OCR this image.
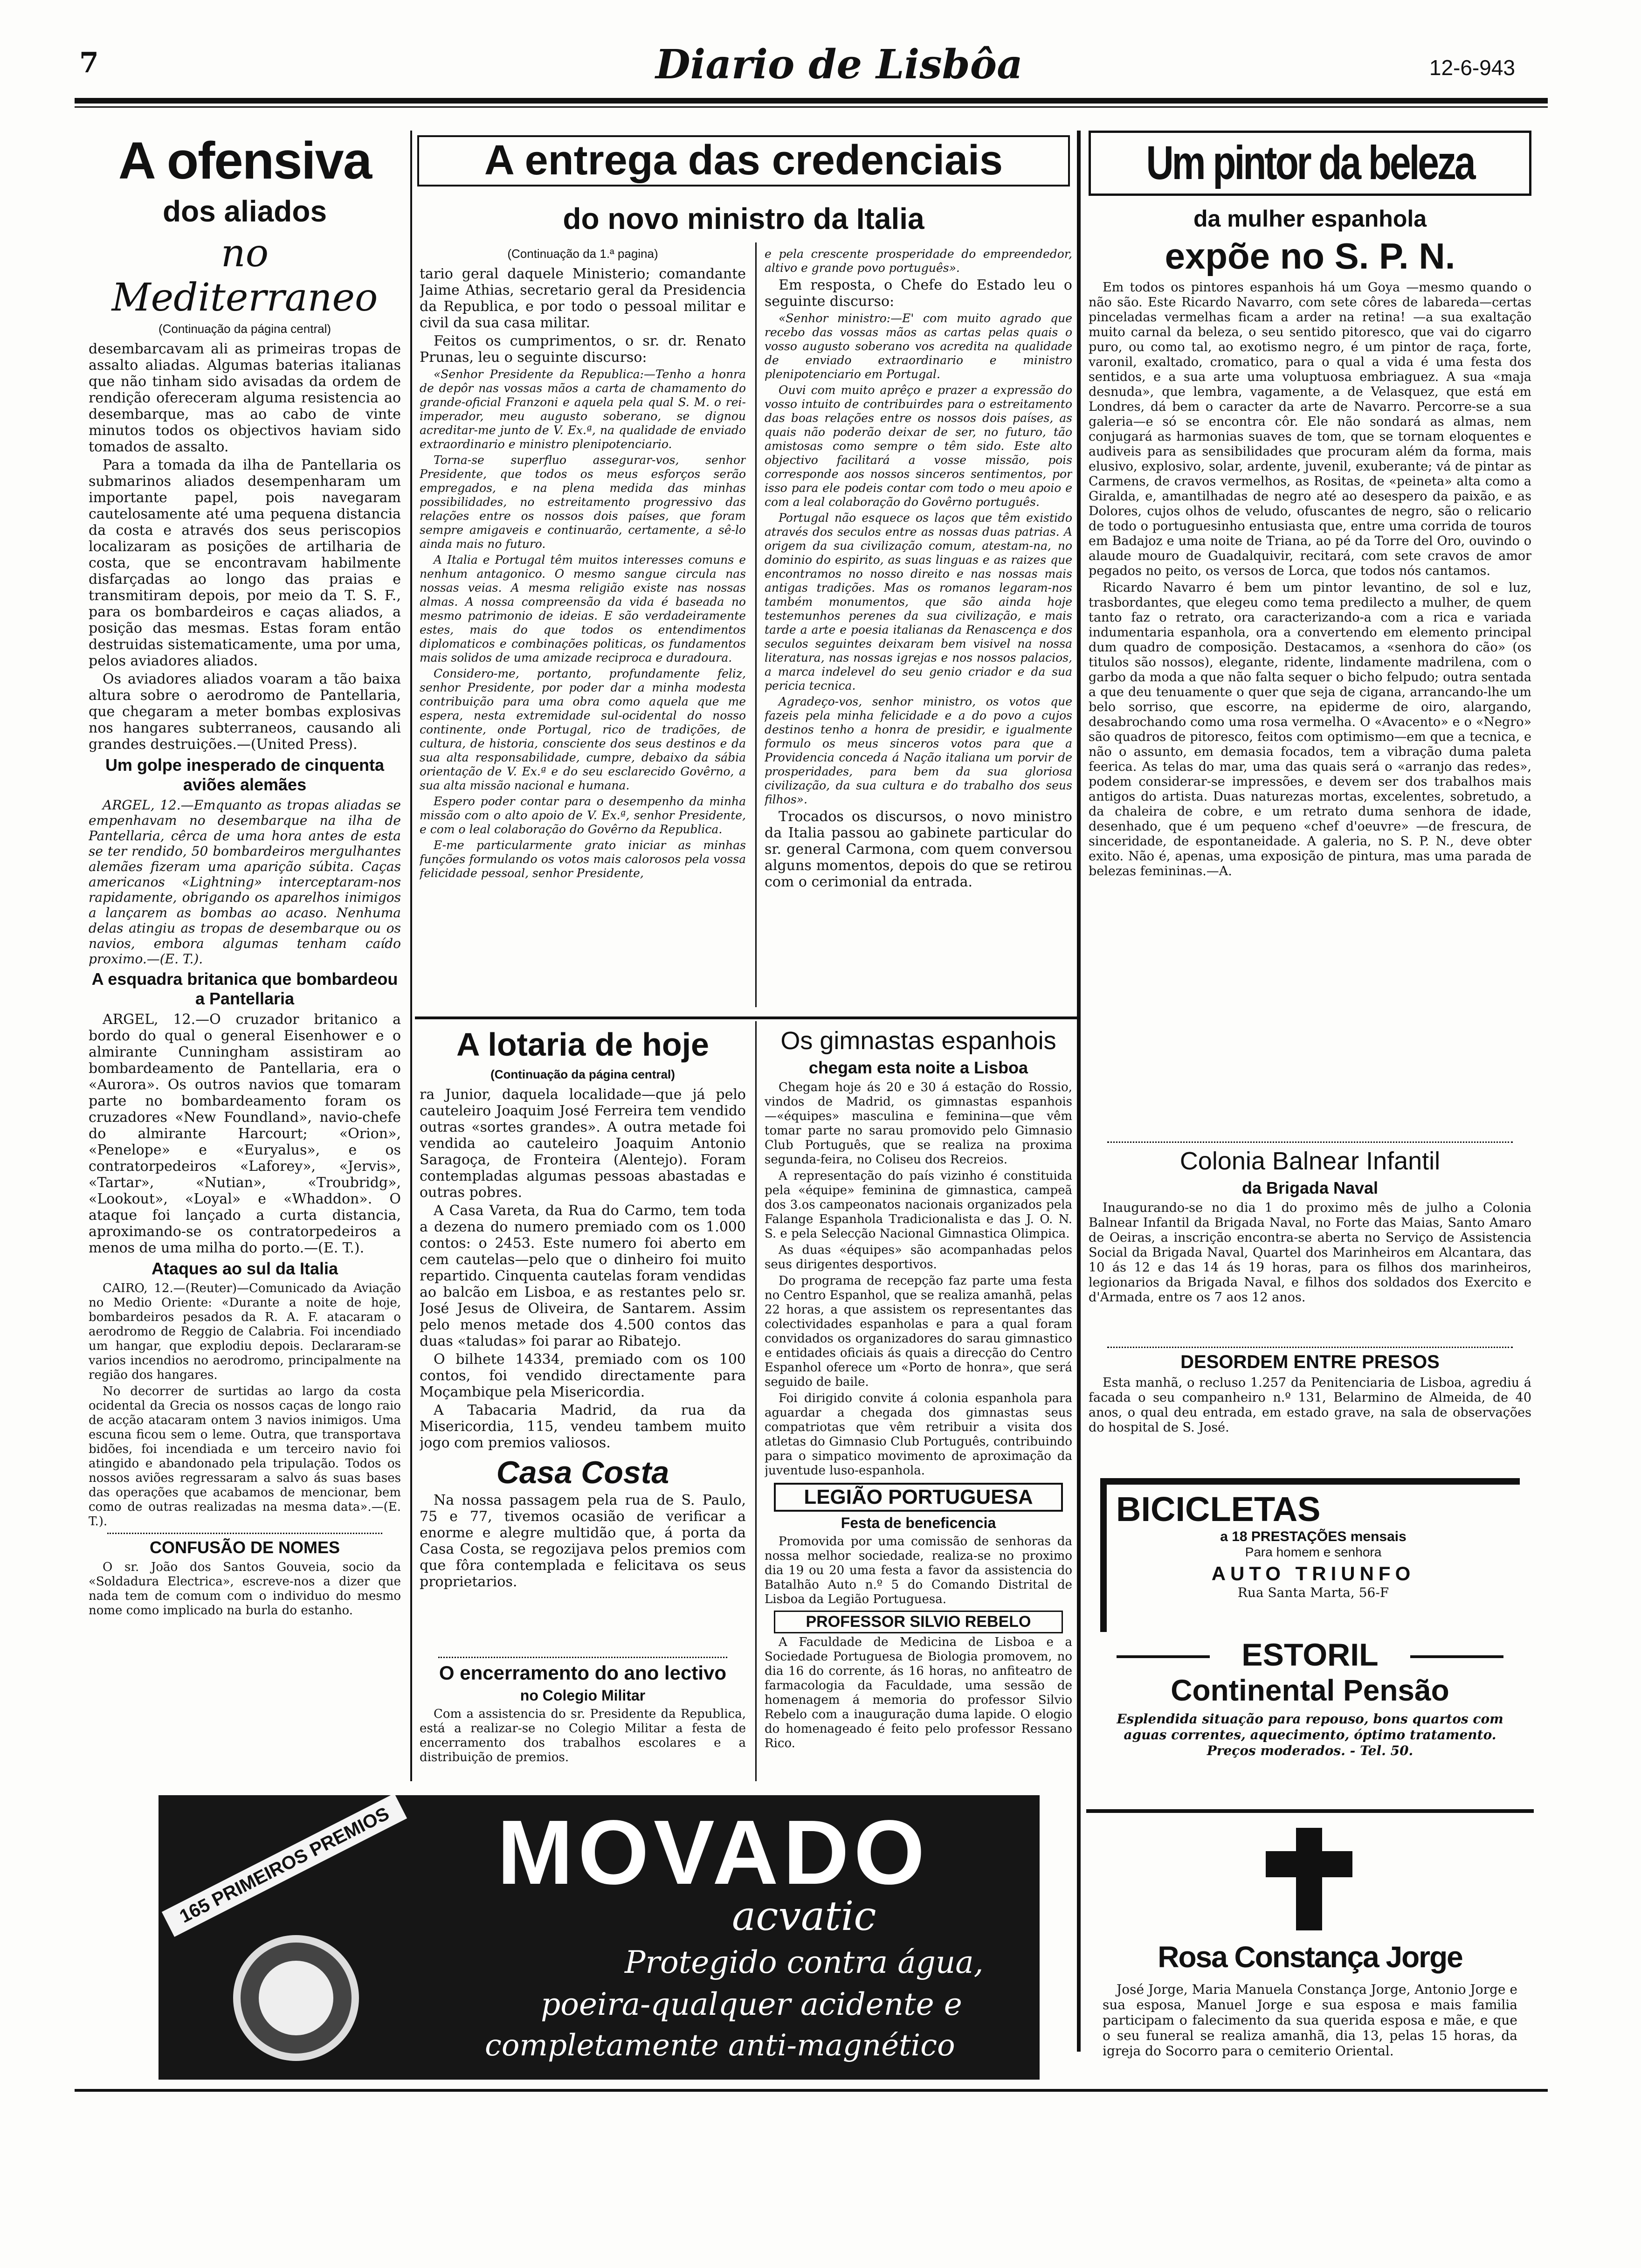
7	Diario de Lisbôa	12-6-943
A ofensiva
dos aliados
no Mediterraneo
(Continuação da página central)

desembarcavam ali as primeiras tropas de assalto aliadas. Algumas baterias italianas que não tinham sido avisadas da ordem de rendição ofereceram alguma resistencia ao desembarque, mas ao cabo de vinte minutos todos os objectivos haviam sido tomados de assalto.

Para a tomada da ilha de Pantellaria os submarinos aliados desempenharam um importante papel, pois navegaram cautelosamente até uma pequena distancia da costa e através dos seus periscopios localizaram as posições de artilharia de costa, que se encontravam habilmente disfarçadas ao longo das praias e transmitiram depois, por meio da T. S. F., para os bombardeiros e caças aliados, a posição das mesmas. Estas foram então destruidas sistematicamente, uma por uma, pelos aviadores aliados.

Os aviadores aliados voaram a tão baixa altura sobre o aerodromo de Pantellaria, que chegaram a meter bombas explosivas nos hangares subterraneos, causando ali grandes destruições.—(United Press).

Um golpe inesperado de cinquenta aviões alemães

ARGEL, 12.—Emquanto as tropas aliadas se empenhavam no desembarque na ilha de Pantellaria, cêrca de uma hora antes de esta se ter rendido, 50 bombardeiros mergulhantes alemães fizeram uma aparição súbita. Caças americanos «Lightning» interceptaram-nos rapidamente, obrigando os aparelhos inimigos a lançarem as bombas ao acaso. Nenhuma delas atingiu as tropas de desembarque ou os navios, embora algumas tenham caído proximo.—(E. T.).

A esquadra britanica que bombardeou a Pantellaria

ARGEL, 12.—O cruzador britanico a bordo do qual o general Eisenhower e o almirante Cunningham assistiram ao bombardeamento de Pantellaria, era o «Aurora». Os outros navios que tomaram parte no bombardeamento foram os cruzadores «New Foundland», navio-chefe do almirante Harcourt; «Orion», «Penelope» e «Euryalus», e os contratorpedeiros «Laforey», «Jervis», «Tartar», «Nutian», «Troubridg», «Lookout», «Loyal» e «Whaddon». O ataque foi lançado a curta distancia, aproximando-se os contratorpedeiros a menos de uma milha do porto.—(E. T.).

Ataques ao sul da Italia

CAIRO, 12.—(Reuter)—Comunicado da Aviação no Medio Oriente: «Durante a noite de hoje, bombardeiros pesados da R. A. F. atacaram o aerodromo de Reggio de Calabria. Foi incendiado um hangar, que explodiu depois. Declararam-se varios incendios no aerodromo, principalmente na região dos hangares.

No decorrer de surtidas ao largo da costa ocidental da Grecia os nossos caças de longo raio de acção atacaram ontem 3 navios inimigos. Uma escuna ficou sem o leme. Outra, que transportava bidões, foi incendiada e um terceiro navio foi atingido e abandonado pela tripulação. Todos os nossos aviões regressaram a salvo ás suas bases das operações que acabamos de mencionar, bem como de outras realizadas na mesma data».—(E. T.).

CONFUSÃO DE NOMES

O sr. João dos Santos Gouveia, socio da «Soldadura Electrica», escreve-nos a dizer que nada tem de comum com o individuo do mesmo nome como implicado na burla do estanho.

A entrega das credenciais
do novo ministro da Italia
(Continuação da 1.ª pagina)

tario geral daquele Ministerio; comandante Jaime Athias, secretario geral da Presidencia da Republica, e por todo o pessoal militar e civil da sua casa militar.

Feitos os cumprimentos, o sr. dr. Renato Prunas, leu o seguinte discurso:

«Senhor Presidente da Republica:—Tenho a honra de depôr nas vossas mãos a carta de chamamento do grande-oficial Franzoni e aquela pela qual S. M. o rei-imperador, meu augusto soberano, se dignou acreditar-me junto de V. Ex.ª, na qualidade de enviado extraordinario e ministro plenipotenciario.

Torna-se superfluo assegurar-vos, senhor Presidente, que todos os meus esforços serão empregados, e na plena medida das minhas possibilidades, no estreitamento progressivo das relações entre os nossos dois países, que foram sempre amigaveis e continuarão, certamente, a sê-lo ainda mais no futuro.

A Italia e Portugal têm muitos interesses comuns e nenhum antagonico. O mesmo sangue circula nas nossas veias. A mesma religião existe nas nossas almas. A nossa compreensão da vida é baseada no mesmo patrimonio de ideias. E são verdadeiramente estes, mais do que todos os entendimentos diplomaticos e combinações politicas, os fundamentos mais solidos de uma amizade reciproca e duradoura.

Considero-me, portanto, profundamente feliz, senhor Presidente, por poder dar a minha modesta contribuição para uma obra como aquela que me espera, nesta extremidade sul-ocidental do nosso continente, onde Portugal, rico de tradições, de cultura, de historia, consciente dos seus destinos e da sua alta responsabilidade, cumpre, debaixo da sábia orientação de V. Ex.ª e do seu esclarecido Govêrno, a sua alta missão nacional e humana.

Espero poder contar para o desempenho da minha missão com o alto apoio de V. Ex.ª, senhor Presidente, e com o leal colaboração do Govêrno da Republica.

E-me particularmente grato iniciar as minhas funções formulando os votos mais calorosos pela vossa felicidade pessoal, senhor Presidente,

e pela crescente prosperidade do empreendedor, altivo e grande povo português».

Em resposta, o Chefe do Estado leu o seguinte discurso:

«Senhor ministro:—E' com muito agrado que recebo das vossas mãos as cartas pelas quais o vosso augusto soberano vos acredita na qualidade de enviado extraordinario e ministro plenipotenciario em Portugal.

Ouvi com muito aprêço e prazer a expressão do vosso intuito de contribuirdes para o estreitamento das boas relações entre os nossos dois países, as quais não poderão deixar de ser, no futuro, tão amistosas como sempre o têm sido. Este alto objectivo facilitará a vosse missão, pois corresponde aos nossos sinceros sentimentos, por isso para ele podeis contar com todo o meu apoio e com a leal colaboração do Govêrno português.

Portugal não esquece os laços que têm existido através dos seculos entre as nossas duas patrias. A origem da sua civilização comum, atestam-na, no dominio do espirito, as suas linguas e as raizes que encontramos no nosso direito e nas nossas mais antigas tradições. Mas os romanos legaram-nos também monumentos, que são ainda hoje testemunhos perenes da sua civilização, e mais tarde a arte e poesia italianas da Renascença e dos seculos seguintes deixaram bem visivel na nossa literatura, nas nossas igrejas e nos nossos palacios, a marca indelevel do seu genio criador e da sua pericia tecnica.

Agradeço-vos, senhor ministro, os votos que fazeis pela minha felicidade e a do povo a cujos destinos tenho a honra de presidir, e igualmente formulo os meus sinceros votos para que a Providencia conceda á Nação italiana um porvir de prosperidades, para bem da sua gloriosa civilização, da sua cultura e do trabalho dos seus filhos».

Trocados os discursos, o novo ministro da Italia passou ao gabinete particular do sr. general Carmona, com quem conversou alguns momentos, depois do que se retirou com o cerimonial da entrada.

A lotaria de hoje
(Continuação da página central)

ra Junior, daquela localidade—que já pelo cauteleiro Joaquim José Ferreira tem vendido outras «sortes grandes». A outra metade foi vendida ao cauteleiro Joaquim Antonio Saragoça, de Fronteira (Alentejo). Foram contempladas algumas pessoas abastadas e outras pobres.

A Casa Vareta, da Rua do Carmo, tem toda a dezena do numero premiado com os 1.000 contos: o 2453. Este numero foi aberto em cem cautelas—pelo que o dinheiro foi muito repartido. Cinquenta cautelas foram vendidas ao balcão em Lisboa, e as restantes pelo sr. José Jesus de Oliveira, de Santarem. Assim pelo menos metade dos 4.500 contos das duas «taludas» foi parar ao Ribatejo.

O bilhete 14334, premiado com os 100 contos, foi vendido directamente para Moçambique pela Misericordia.

A Tabacaria Madrid, da rua da Misericordia, 115, vendeu tambem muito jogo com premios valiosos.

Casa Costa

Na nossa passagem pela rua de S. Paulo, 75 e 77, tivemos ocasião de verificar a enorme e alegre multidão que, á porta da Casa Costa, se regozijava pelos premios com que fôra contemplada e felicitava os seus proprietarios.

O encerramento do ano lectivo
no Colegio Militar

Com a assistencia do sr. Presidente da Republica, está a realizar-se no Colegio Militar a festa de encerramento dos trabalhos escolares e a distribuição de premios.

Os gimnastas espanhois
chegam esta noite a Lisboa

Chegam hoje ás 20 e 30 á estação do Rossio, vindos de Madrid, os gimnastas espanhois—«équipes» masculina e feminina—que vêm tomar parte no sarau promovido pelo Gimnasio Club Português, que se realiza na proxima segunda-feira, no Coliseu dos Recreios.

A representação do país vizinho é constituida pela «équipe» feminina de gimnastica, campeã dos 3.os campeonatos nacionais organizados pela Falange Espanhola Tradicionalista e das J. O. N. S. e pela Selecção Nacional Gimnastica Olimpica.

As duas «équipes» são acompanhadas pelos seus dirigentes desportivos.

Do programa de recepção faz parte uma festa no Centro Espanhol, que se realiza amanhã, pelas 22 horas, a que assistem os representantes das colectividades espanholas e para a qual foram convidados os organizadores do sarau gimnastico e entidades oficiais ás quais a direcção do Centro Espanhol oferece um «Porto de honra», que será seguido de baile.

Foi dirigido convite á colonia espanhola para aguardar a chegada dos gimnastas seus compatriotas que vêm retribuir a visita dos atletas do Gimnasio Club Português, contribuindo para o simpatico movimento de aproximação da juventude luso-espanhola.

LEGIÃO PORTUGUESA
Festa de beneficencia

Promovida por uma comissão de senhoras da nossa melhor sociedade, realiza-se no proximo dia 19 ou 20 uma festa a favor da assistencia do Batalhão Auto n.º 5 do Comando Distrital de Lisboa da Legião Portuguesa.

PROFESSOR SILVIO REBELO

A Faculdade de Medicina de Lisboa e a Sociedade Portuguesa de Biologia promovem, no dia 16 do corrente, ás 16 horas, no anfiteatro de farmacologia da Faculdade, uma sessão de homenagem á memoria do professor Silvio Rebelo com a inauguração duma lapide. O elogio do homenageado é feito pelo professor Ressano Rico.

Um pintor da beleza
da mulher espanhola
expõe no S. P. N.

Em todos os pintores espanhois há um Goya —mesmo quando o não são. Este Ricardo Navarro, com sete côres de labareda—certas pinceladas vermelhas ficam a arder na retina! —a sua exaltação muito carnal da beleza, o seu sentido pitoresco, que vai do cigarro puro, ou como tal, ao exotismo negro, é um pintor de raça, forte, varonil, exaltado, cromatico, para o qual a vida é uma festa dos sentidos, e a sua arte uma voluptuosa embriaguez. A sua «maja desnuda», que lembra, vagamente, a de Velasquez, que está em Londres, dá bem o caracter da arte de Navarro. Percorre-se a sua galeria—e só se encontra côr. Ele não sondará as almas, nem conjugará as harmonias suaves de tom, que se tornam eloquentes e audiveis para as sensibilidades que procuram além da forma, mais elusivo, explosivo, solar, ardente, juvenil, exuberante; vá de pintar as Carmens, de cravos vermelhos, as Rositas, de «peineta» alta como a Giralda, e, amantilhadas de negro até ao desespero da paixão, e as Dolores, cujos olhos de veludo, ofuscantes de negro, são o relicario de todo o portuguesinho entusiasta que, entre uma corrida de touros em Badajoz e uma noite de Triana, ao pé da Torre del Oro, ouvindo o alaude mouro de Guadalquivir, recitará, com sete cravos de amor pegados no peito, os versos de Lorca, que todos nós cantamos.

Ricardo Navarro é bem um pintor levantino, de sol e luz, trasbordantes, que elegeu como tema predilecto a mulher, de quem tanto faz o retrato, ora caracterizando-a com a rica e variada indumentaria espanhola, ora a convertendo em elemento principal dum quadro de composição. Destacamos, a «senhora do cão» (os titulos são nossos), elegante, ridente, lindamente madrilena, com o garbo da moda a que não falta sequer o bicho felpudo; outra sentada a que deu tenuamente o quer que seja de cigana, arrancando-lhe um belo sorriso, que escorre, na epiderme de oiro, alargando, desabrochando como uma rosa vermelha. O «Avacento» e o «Negro» são quadros de pitoresco, feitos com optimismo—em que a tecnica, e não o assunto, em demasia focados, tem a vibração duma paleta feerica. As telas do mar, uma das quais será o «arranjo das redes», podem considerar-se impressões, e devem ser dos trabalhos mais antigos do artista. Duas naturezas mortas, excelentes, sobretudo, a da chaleira de cobre, e um retrato duma senhora de idade, desenhado, que é um pequeno «chef d'oeuvre» —de frescura, de sinceridade, de espontaneidade. A galeria, no S. P. N., deve obter exito. Não é, apenas, uma exposição de pintura, mas uma parada de belezas femininas.—A.

Colonia Balnear Infantil
da Brigada Naval

Inaugurando-se no dia 1 do proximo mês de julho a Colonia Balnear Infantil da Brigada Naval, no Forte das Maias, Santo Amaro de Oeiras, a inscrição encontra-se aberta no Serviço de Assistencia Social da Brigada Naval, Quartel dos Marinheiros em Alcantara, das 10 ás 12 e das 14 ás 19 horas, para os filhos dos marinheiros, legionarios da Brigada Naval, e filhos dos soldados dos Exercito e d'Armada, entre os 7 aos 12 anos.

DESORDEM ENTRE PRESOS

Esta manhã, o recluso 1.257 da Penitenciaria de Lisboa, agrediu á facada o seu companheiro n.º 131, Belarmino de Almeida, de 40 anos, o qual deu entrada, em estado grave, na sala de observações do hospital de S. José.

BICICLETAS
a 18 PRESTAÇÕES mensais
Para homem e senhora
AUTO TRIUNFO
Rua Santa Marta, 56-F
ESTORIL
Continental Pensão
Esplendida situação para repouso, bons quartos com aguas correntes, aquecimento, óptimo tratamento. Preços moderados. - Tel. 50.
Rosa Constança Jorge
José Jorge, Maria Manuela Constança Jorge, Antonio Jorge e sua esposa, Manuel Jorge e sua esposa e mais familia participam o falecimento da sua querida esposa e mãe, e que o seu funeral se realiza amanhã, dia 13, pelas 15 horas, da igreja do Socorro para o cemiterio Oriental.
165 PRIMEIROS PREMIOS	MOVADO
acvatic
Protegido contra água,
poeira-qualquer acidente e
completamente anti-magnético
